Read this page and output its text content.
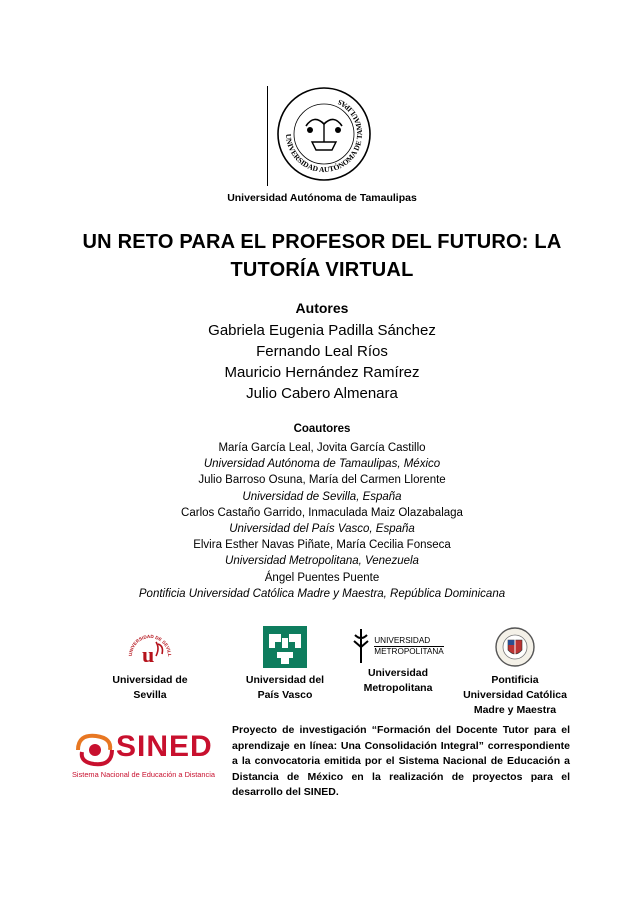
UNIVERSIDAD AUTÓNOMA DE TAMAULIPAS
Universidad Autónoma de Tamaulipas
UN RETO PARA EL PROFESOR DEL FUTURO: LA
TUTORÍA VIRTUAL
Autores
Gabriela Eugenia Padilla Sánchez
Fernando Leal Ríos
Mauricio Hernández Ramírez
Julio Cabero Almenara
Coautores
María García Leal, Jovita García Castillo
Universidad Autónoma de Tamaulipas, México
Julio Barroso Osuna, María del Carmen Llorente
Universidad de Sevilla, España
Carlos Castaño Garrido, Inmaculada Maiz Olazabalaga
Universidad del País Vasco, España
Elvira Esther Navas Piñate, María Cecilia Fonseca
Universidad Metropolitana, Venezuela
Ángel Puentes Puente
Pontificia Universidad Católica Madre y Maestra, República Dominicana
UNIVERSIDAD DE SEVILL
u
Universidad de
Sevilla
Universidad del
País Vasco
UNIVERSIDAD
METROPOLITANA
Universidad
Metropolitana
Pontificia
Universidad Católica
Madre y Maestra
SINED
Sistema Nacional de Educación a Distancia
Proyecto de investigación “Formación del Docente Tutor para el aprendizaje en línea: Una Consolidación Integral” correspondiente a la convocatoria emitida por el Sistema Nacional de Educación a Distancia de México en la realización de proyectos para el desarrollo del SINED.
